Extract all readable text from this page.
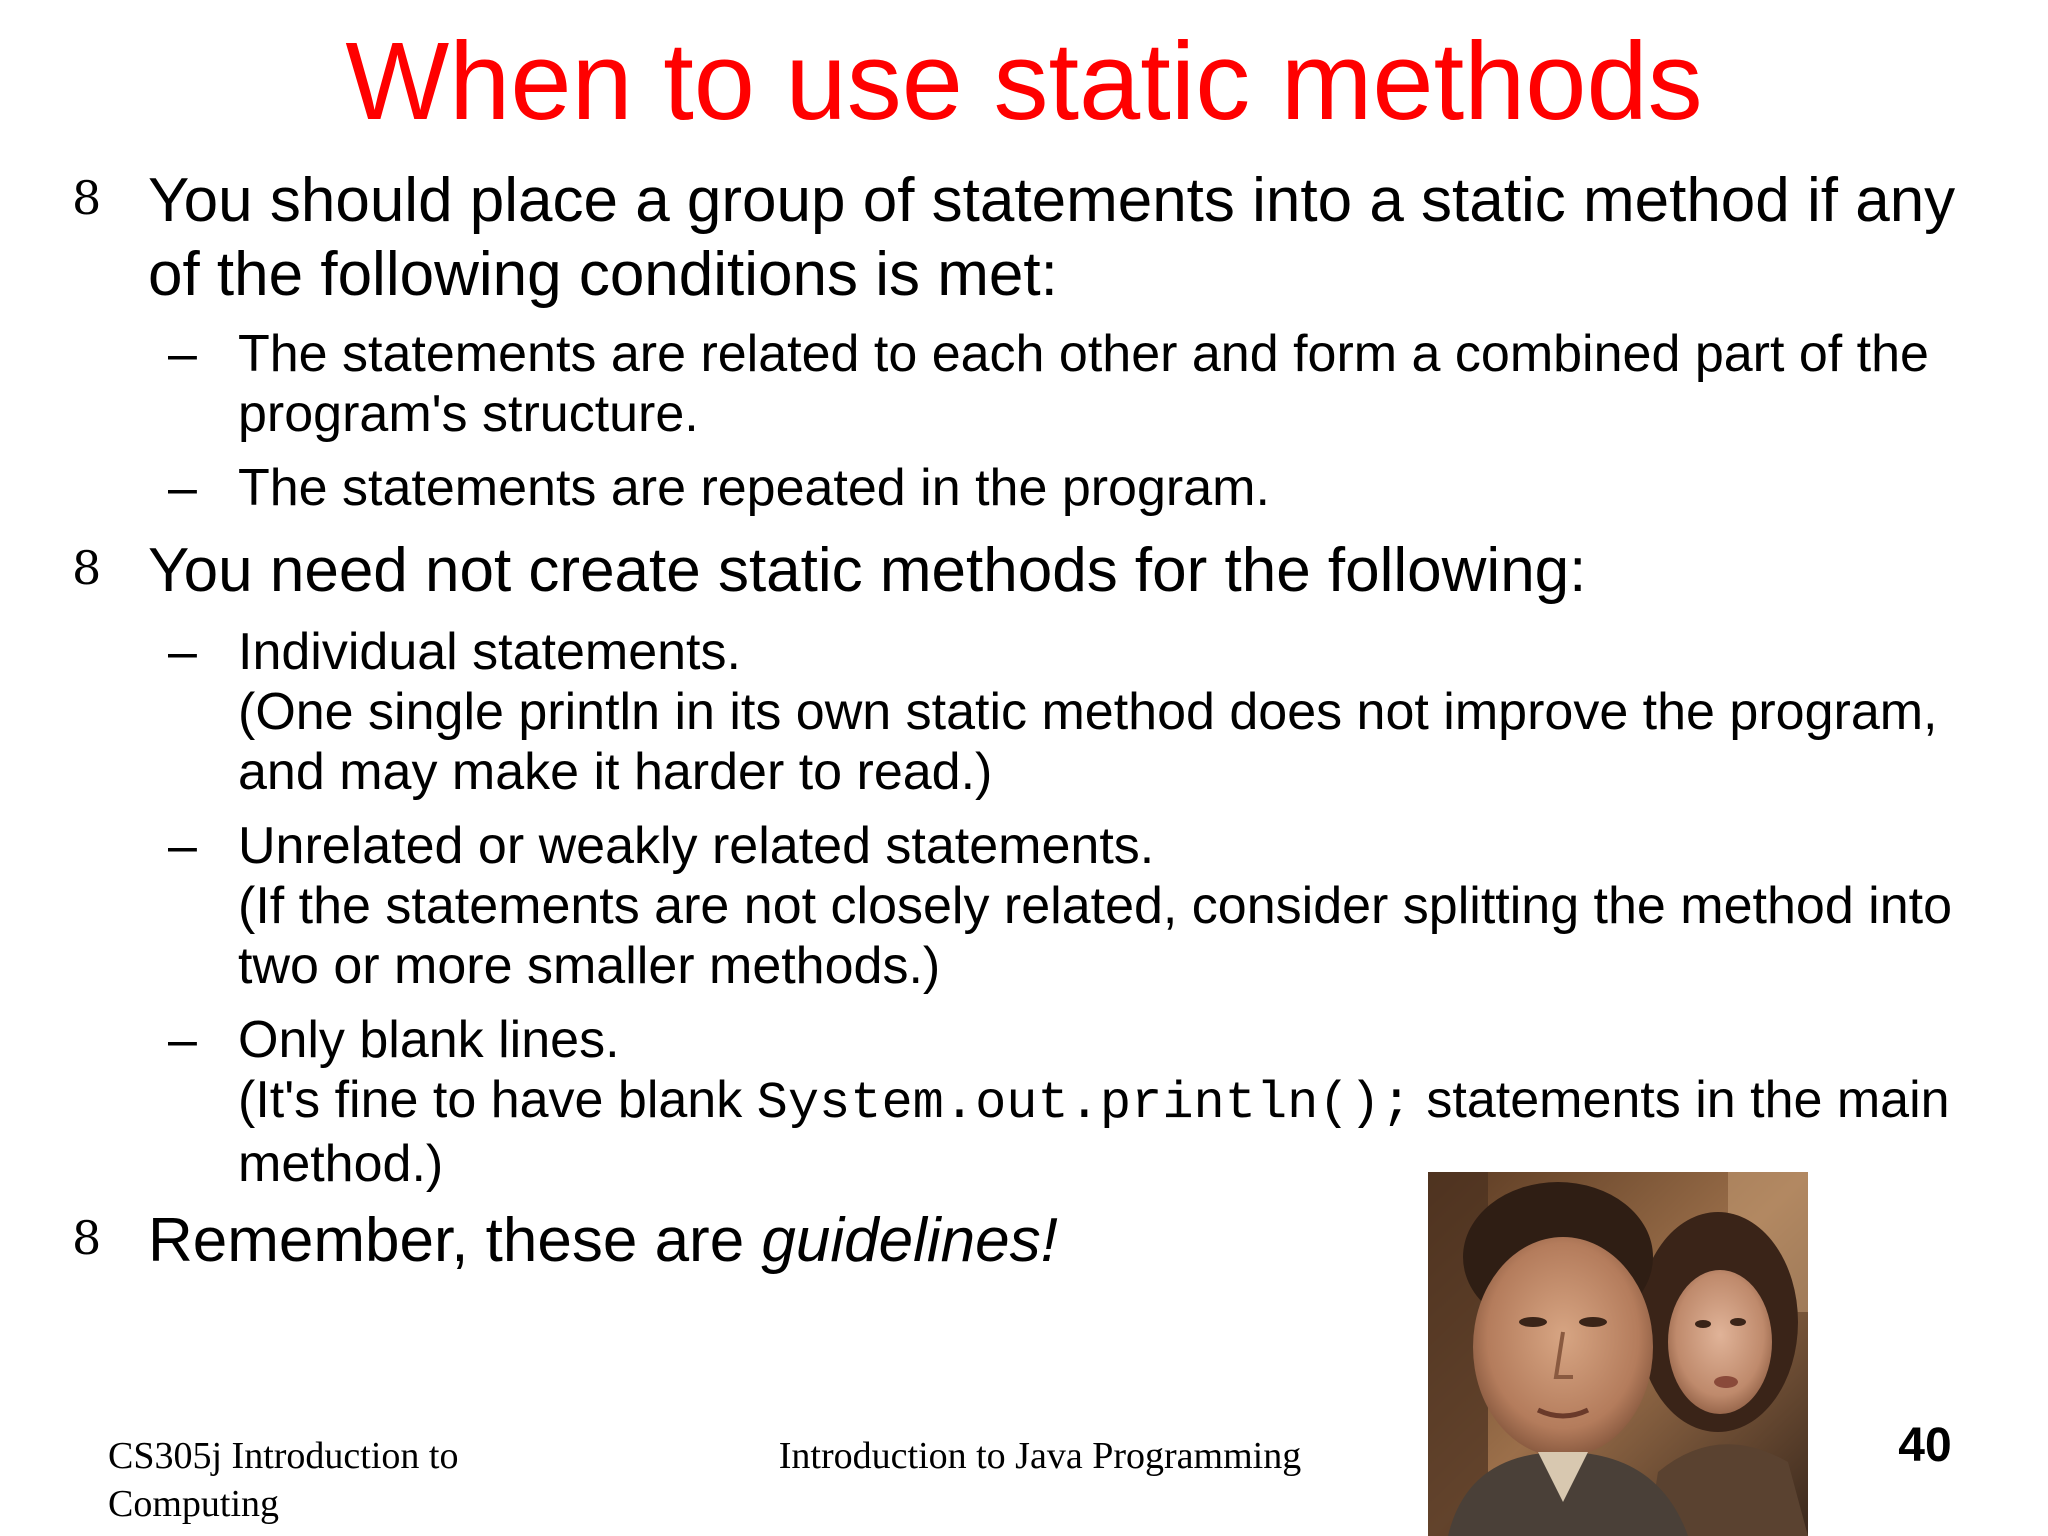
When to use static methods
8 You should place a group of statements into a static method if any of the following conditions is met:
– The statements are related to each other and form a combined part of the program's structure.
– The statements are repeated in the program.
8 You need not create static methods for the following:
– Individual statements.
(One single println in its own static method does not improve the program, and may make it harder to read.)
– Unrelated or weakly related statements.
(If the statements are not closely related, consider splitting the method into two or more smaller methods.)
– Only blank lines.
(It's fine to have blank System.out.println(); statements in the main method.)
8 Remember, these are guidelines!
CS305j Introduction to Computing
Introduction to Java Programming	40
